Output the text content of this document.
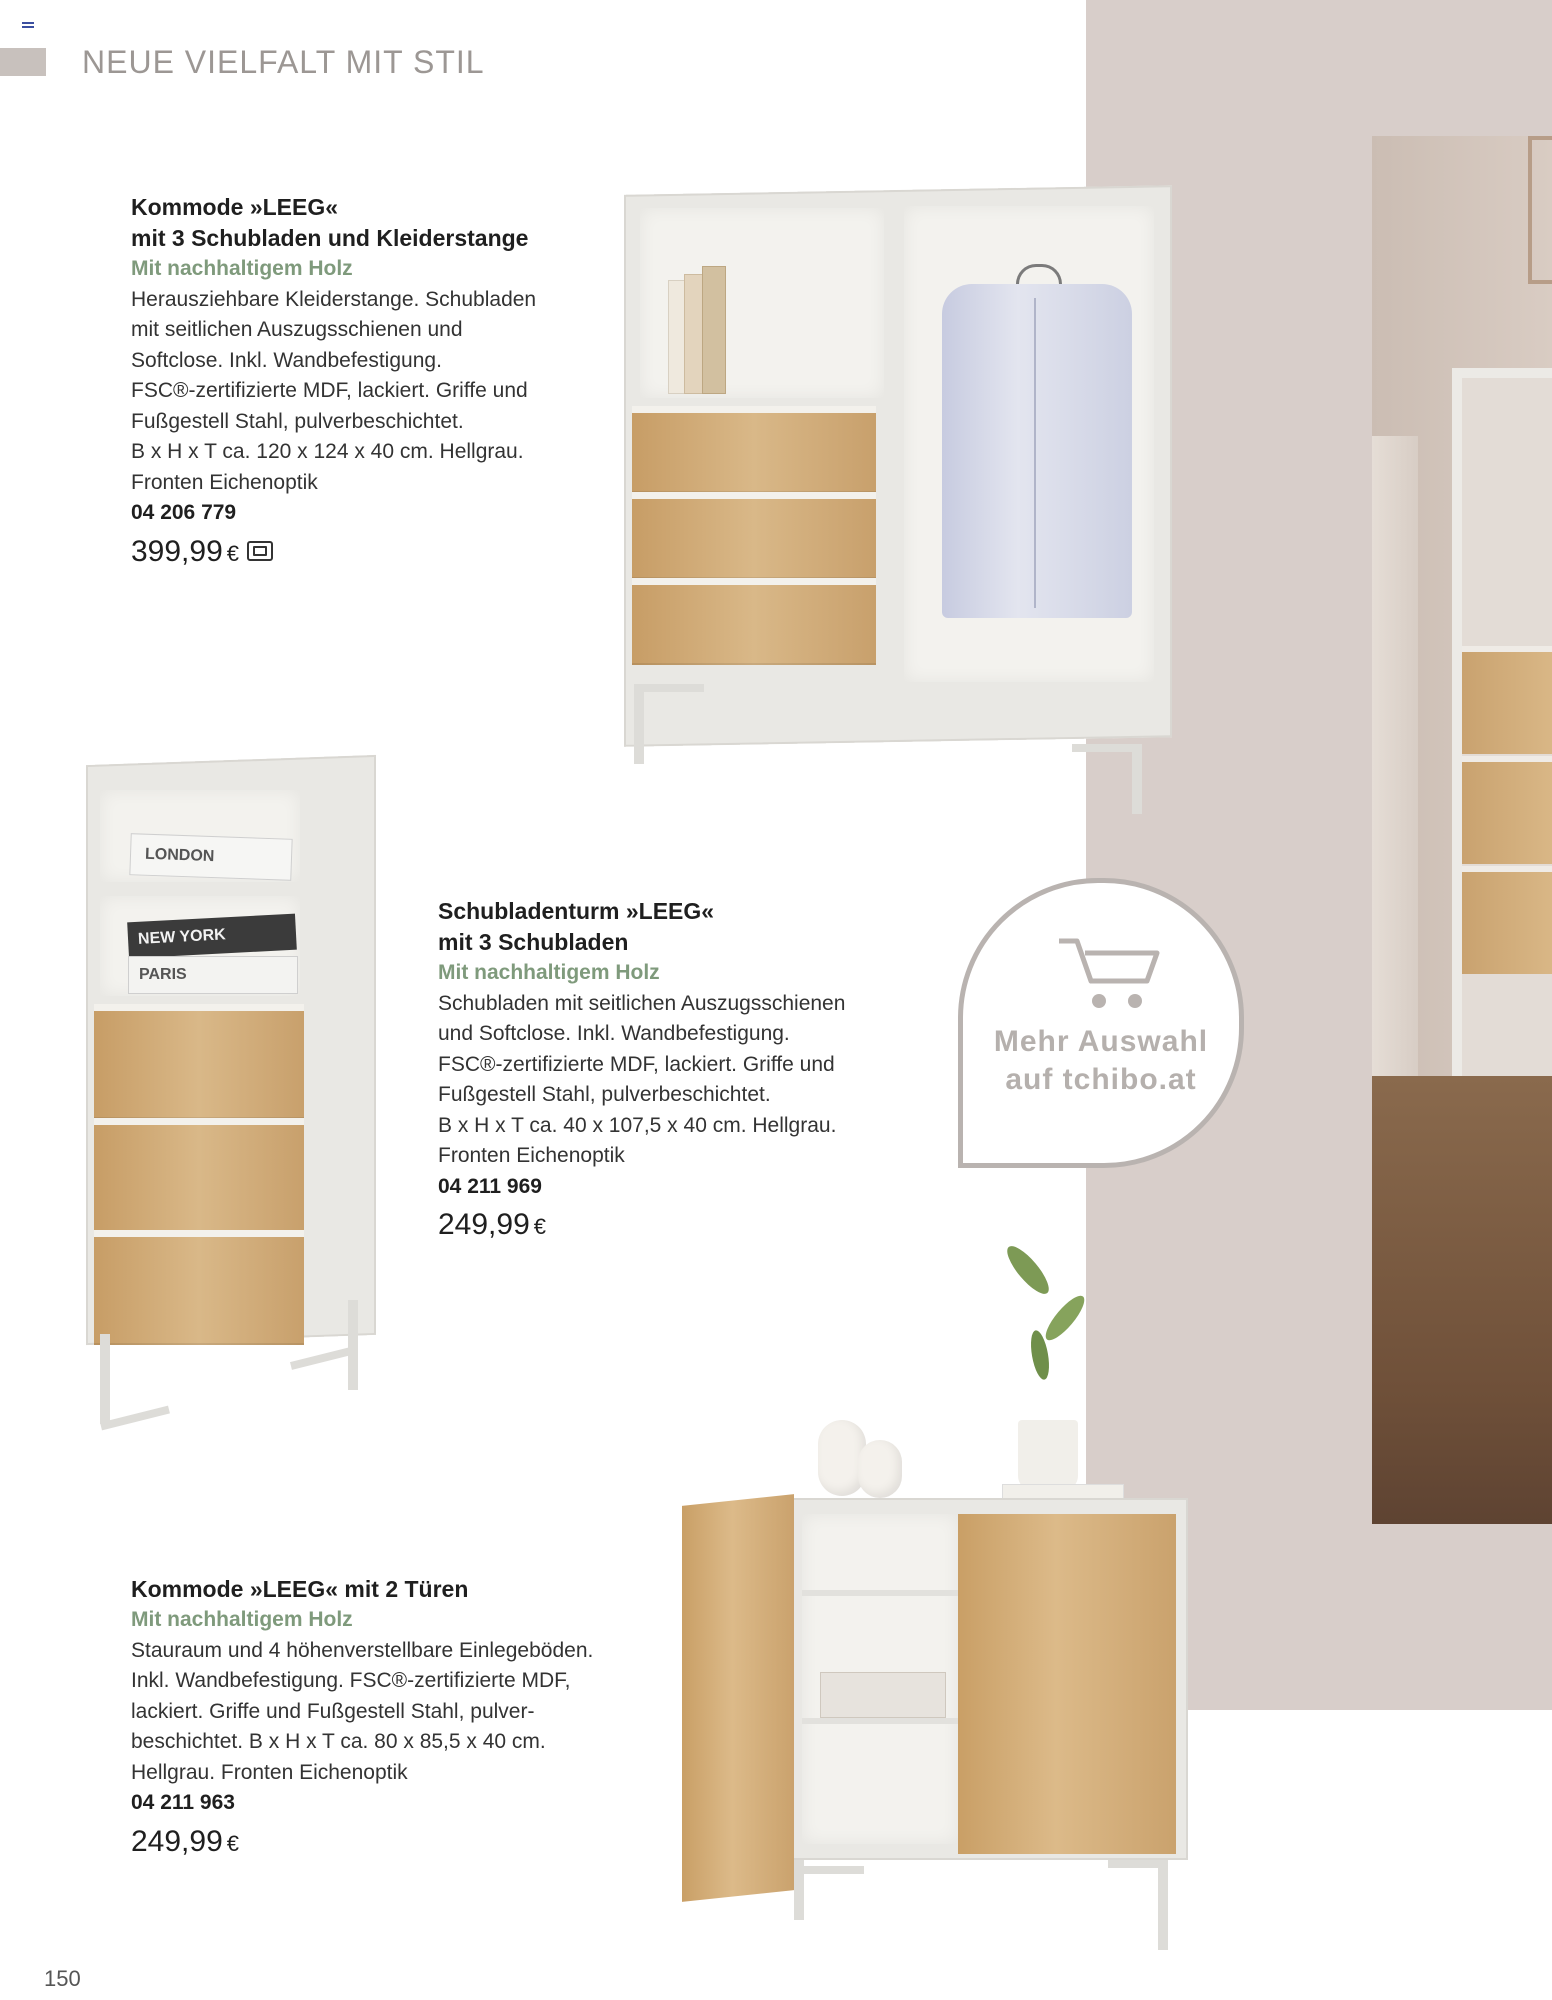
NEUE VIELFALT MIT STIL
Kommode »LEEG«
mit 3 Schubladen und Kleiderstange
Mit nachhaltigem Holz
Herausziehbare Kleiderstange. Schubladen
mit seitlichen Auszugsschienen und
Softclose. Inkl. Wandbefestigung.
FSC®-zertifizierte MDF, lackiert. Griffe und
Fußgestell Stahl, pulverbeschichtet.
B x H x T ca. 120 x 124 x 40 cm. Hellgrau.
Fronten Eichenoptik
04 206 779
399,99 €
LONDON
NEW YORK
PARIS
Schubladenturm »LEEG«
mit 3 Schubladen
Mit nachhaltigem Holz
Schubladen mit seitlichen Auszugsschienen
und Softclose. Inkl. Wandbefestigung.
FSC®-zertifizierte MDF, lackiert. Griffe und
Fußgestell Stahl, pulverbeschichtet.
B x H x T ca. 40 x 107,5 x 40 cm. Hellgrau.
Fronten Eichenoptik
04 211 969
249,99 €
Mehr Auswahl
auf tchibo.at
Kommode »LEEG« mit 2 Türen
Mit nachhaltigem Holz
Stauraum und 4 höhenverstellbare Einlegeböden.
Inkl. Wandbefestigung. FSC®-zertifizierte MDF,
lackiert. Griffe und Fußgestell Stahl, pulver-
beschichtet. B x H x T ca. 80 x 85,5 x 40 cm.
Hellgrau. Fronten Eichenoptik
04 211 963
249,99 €
150
